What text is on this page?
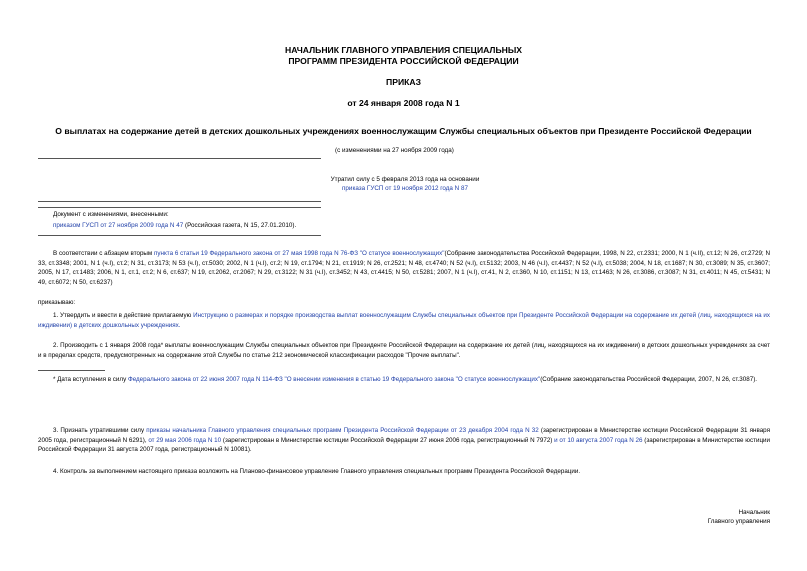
НАЧАЛЬНИК ГЛАВНОГО УПРАВЛЕНИЯ СПЕЦИАЛЬНЫХ
ПРОГРАММ ПРЕЗИДЕНТА РОССИЙСКОЙ ФЕДЕРАЦИИ
ПРИКАЗ
от 24 января 2008 года N 1
О выплатах на содержание детей в детских дошкольных учреждениях военнослужащим Службы специальных объектов при Президенте Российской Федерации
(с изменениями на 27 ноября 2009 года)
Утратил силу с 5 февраля 2013 года на основании
приказа ГУСП от 19 ноября 2012 года N 87
Документ с изменениями, внесенными:
приказом ГУСП от 27 ноября 2009 года N 47 (Российская газета, N 15, 27.01.2010).
В соответствии с абзацем вторым пункта 6 статьи 19 Федерального закона от 27 мая 1998 года N 76-ФЗ "О статусе военнослужащих"(Собрание законодательства Российской Федерации, 1998, N 22, ст.2331; 2000, N 1 (ч.II), ст.12; N 26, ст.2729; N 33, ст.3348; 2001, N 1 (ч.I), ст.2; N 31, ст.3173; N 53 (ч.I), ст.5030; 2002, N 1 (ч.I), ст.2; N 19, ст.1794; N 21, ст.1919; N 26, ст.2521; N 48, ст.4740; N 52 (ч.I), ст.5132; 2003, N 46 (ч.I), ст.4437; N 52 (ч.I), ст.5038; 2004, N 18, ст.1687; N 30, ст.3089; N 35, ст.3607; 2005, N 17, ст.1483; 2006, N 1, ст.1, ст.2; N 6, ст.637; N 19, ст.2062, ст.2067; N 29, ст.3122; N 31 (ч.I), ст.3452; N 43, ст.4415; N 50, ст.5281; 2007, N 1 (ч.I), ст.41, N 2, ст.360, N 10, ст.1151; N 13, ст.1463; N 26, ст.3086, ст.3087; N 31, ст.4011; N 45, ст.5431; N 49, ст.6072; N 50, ст.6237)
приказываю:
1. Утвердить и ввести в действие прилагаемую Инструкцию о размерах и порядке производства выплат военнослужащим Службы специальных объектов при Президенте Российской Федерации на содержание их детей (лиц, находящихся на их иждивении) в детских дошкольных учреждениях.
2. Производить с 1 января 2008 года* выплаты военнослужащим Службы специальных объектов при Президенте Российской Федерации на содержание их детей (лиц, находящихся на их иждивении) в детских дошкольных учреждениях за счет и в пределах средств, предусмотренных на содержание этой Службы по статье 212 экономической классификации расходов "Прочие выплаты".
* Дата вступления в силу Федерального закона от 22 июня 2007 года N 114-ФЗ "О внесении изменения в статью 19 Федерального закона "О статусе военнослужащих"(Собрание законодательства Российской Федерации, 2007, N 26, ст.3087).
3. Признать утратившими силу приказы начальника Главного управления специальных программ Президента Российской Федерации от 23 декабря 2004 года N 32 (зарегистрирован в Министерстве юстиции Российской Федерации 31 января 2005 года, регистрационный N 6291), от 29 мая 2006 года N 10 (зарегистрирован в Министерстве юстиции Российской Федерации 27 июня 2006 года, регистрационный N 7972) и от 10 августа 2007 года N 26 (зарегистрирован в Министерстве юстиции Российской Федерации 31 августа 2007 года, регистрационный N 10081).
4. Контроль за выполнением настоящего приказа возложить на Планово-финансовое управление Главного управления специальных программ Президента Российской Федерации.
Начальник
Главного управления
